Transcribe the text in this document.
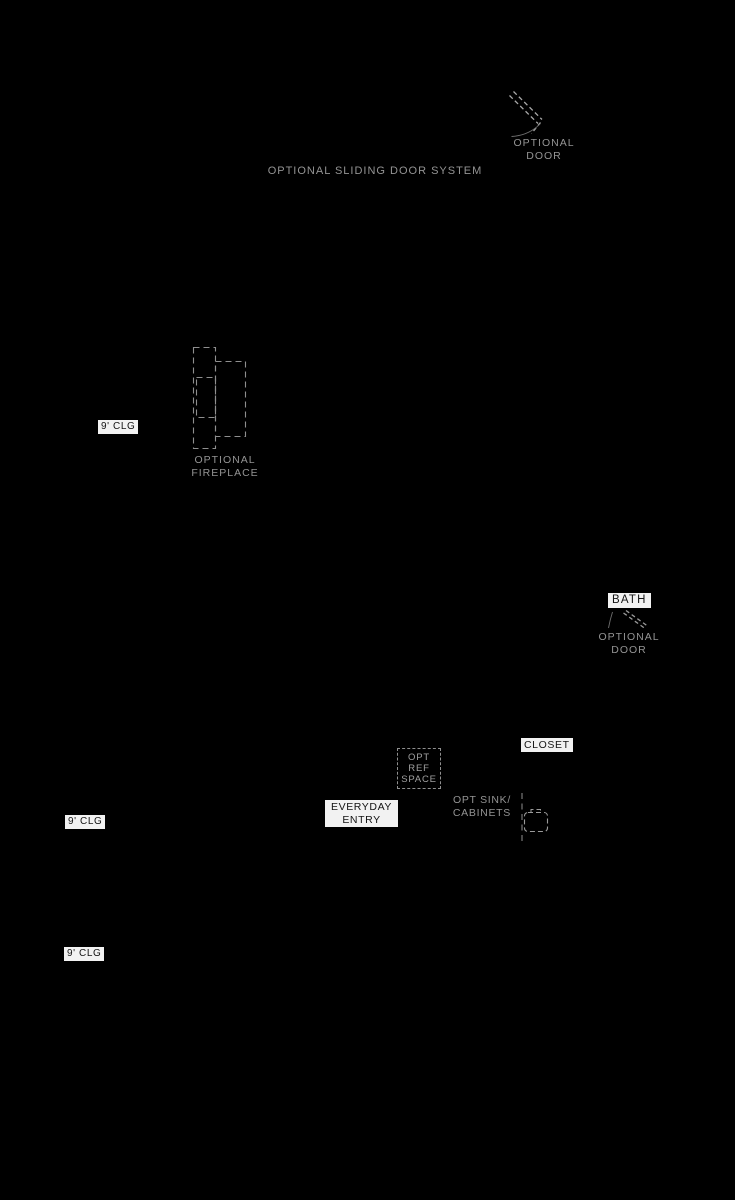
OPTIONAL
DOOR
OPTIONAL SLIDING DOOR SYSTEM
OPTIONAL
FIREPLACE
OPTIONAL
DOOR
OPT SINK/
CABINETS
OPT
REF
SPACE
BATH
CLOSET
EVERYDAY
ENTRY
9' CLG
9' CLG
9' CLG
